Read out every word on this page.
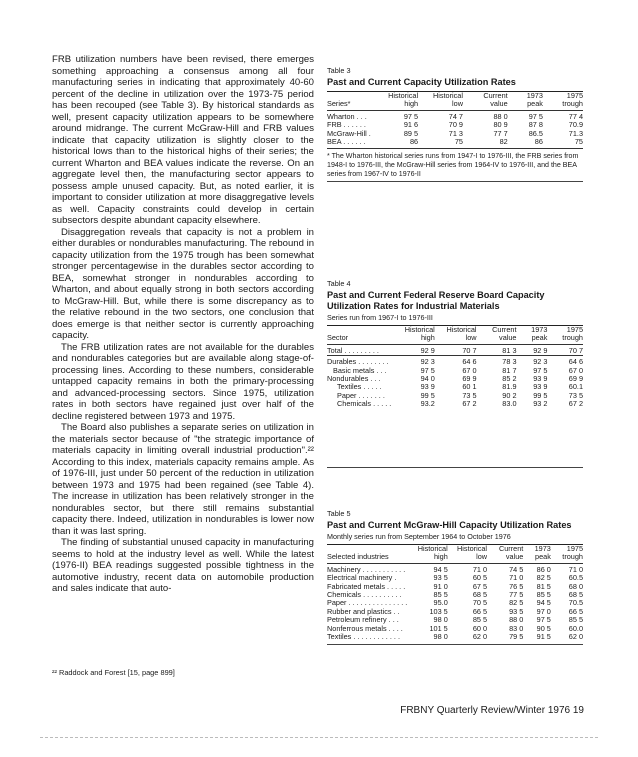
FRB utilization numbers have been revised, there emerges something approaching a consensus among all four manufacturing series in indicating that approximately 40-60 percent of the decline in utilization over the 1973-75 period has been recouped (see Table 3). By historical standards as well, present capacity utilization appears to be somewhere around midrange. The current McGraw-Hill and FRB values indicate that capacity utilization is slightly closer to the historical lows than to the historical highs of their series; the current Wharton and BEA values indicate the reverse. On an aggregate level then, the manufacturing sector appears to possess ample unused capacity. But, as noted earlier, it is important to consider utilization at more disaggregative levels as well. Capacity constraints could develop in certain subsectors despite abundant capacity elsewhere.

Disaggregation reveals that capacity is not a problem in either durables or nondurables manufacturing. The rebound in capacity utilization from the 1975 trough has been somewhat stronger percentagewise in the durables sector according to BEA, somewhat stronger in nondurables according to Wharton, and about equally strong in both sectors according to McGraw-Hill. But, while there is some discrepancy as to the relative rebound in the two sectors, one conclusion that does emerge is that neither sector is currently approaching capacity.

The FRB utilization rates are not available for the durables and nondurables categories but are available along stage-of-processing lines. According to these numbers, considerable untapped capacity remains in both the primary-processing and advanced-processing sectors. Since 1975, utilization rates in both sectors have regained just over half of the decline registered between 1973 and 1975.

The Board also publishes a separate series on utilization in the materials sector because of "the strategic importance of materials capacity in limiting overall industrial production".²² According to this index, materials capacity remains ample. As of 1976-III, just under 50 percent of the reduction in utilization between 1973 and 1975 had been regained (see Table 4). The increase in utilization has been relatively stronger in the nondurables sector, but there still remains substantial capacity there. Indeed, utilization in nondurables is lower now than it was last spring.

The finding of substantial unused capacity in manufacturing seems to hold at the industry level as well. While the latest (1976-II) BEA readings suggested possible tightness in the automotive industry, recent data on automobile production and sales indicate that auto-

²² Raddock and Forest [15, page 899]

Table 3

Past and Current Capacity Utilization Rates

Series*	Historical high	Historical low	Current value	1973 peak	1975 trough
Wharton . . .	97 5	74 7	88 0	97 5	77 4
FRB . . . . . .	91 6	70 9	80 9	87 8	70.9
McGraw-Hill .	89 5	71 3	77 7	86.5	71.3
BEA . . . . . .	86	75	82	86	75
* The Wharton historical series runs from 1947-I to 1976-III, the FRB series from 1948-I to 1976-III, the McGraw-Hill series from 1964-IV to 1976-III, and the BEA series from 1967-IV to 1976-II

Table 4

Past and Current Federal Reserve Board Capacity Utilization Rates for Industrial Materials

Series run from 1967-I to 1976-III

Sector	Historical high	Historical low	Current value	1973 peak	1975 trough
Total . . . . . . . . .	92 9	70 7	81 3	92 9	70 7
Durables . . . . . . . .	92 3	64 6	78 3	92 3	64 6
Basic metals . . .	97 5	67 0	81 7	97 5	67 0
Nondurables . . .	94 0	69 9	85 2	93 9	69 9
Textiles . . . . .	93 9	60 1	81.9	93 9	60.1
Paper . . . . . . .	99 5	73 5	90 2	99 5	73 5
Chemicals . . . . .	93.2	67 2	83.0	93 2	67 2

Table 5

Past and Current McGraw-Hill Capacity Utilization Rates

Monthly series run from September 1964 to October 1976

Selected industries	Historical high	Historical low	Current value	1973 peak	1975 trough
Machinery . . . . . . . . . . .	94 5	71 0	74 5	86 0	71 0
Electrical machinery .	93 5	60 5	71 0	82 5	60.5
Fabricated metals . . . . .	91 0	67 5	76 5	81 5	68 0
Chemicals . . . . . . . . . .	85 5	68 5	77 5	85 5	68 5
Paper . . . . . . . . . . . . . . .	95.0	70 5	82 5	94 5	70.5
Rubber and plastics . .	103 5	66 5	93 5	97 0	66 5
Petroleum refinery . . .	98 0	85 5	88 0	97 5	85 5
Nonferrous metals . . . .	101 5	60 0	83 0	90 5	60.0
Textiles . . . . . . . . . . . .	98 0	62 0	79 5	91 5	62 0
FRBNY Quarterly Review/Winter 1976 19
